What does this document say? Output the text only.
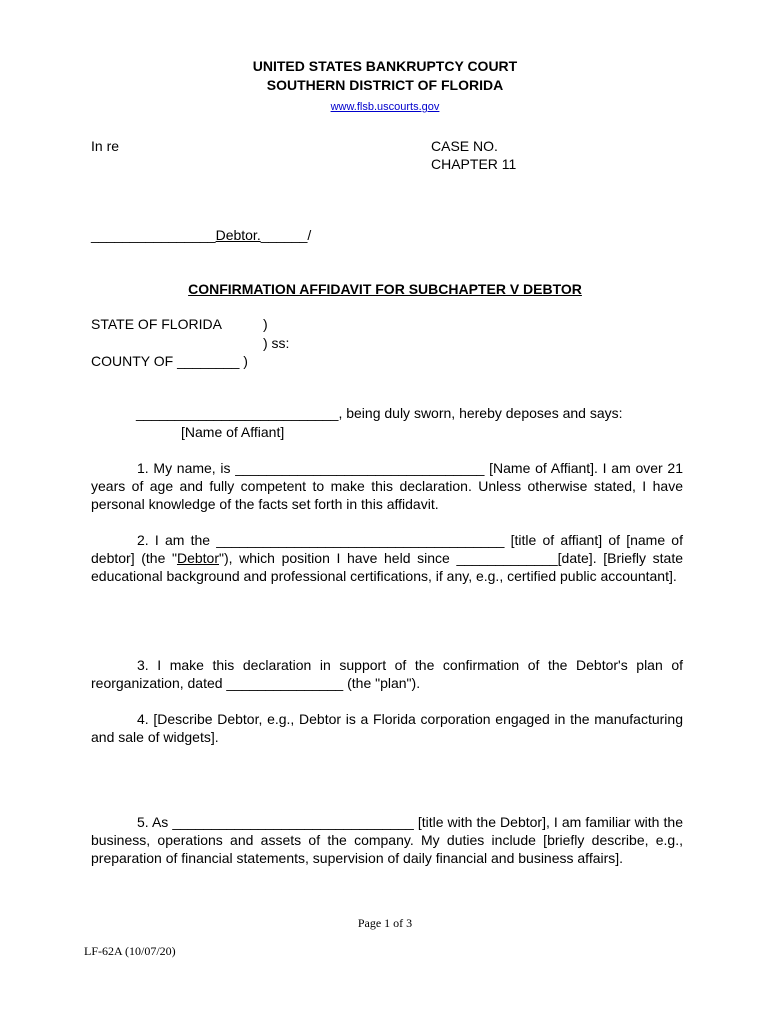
UNITED STATES BANKRUPTCY COURT
SOUTHERN DISTRICT OF FLORIDA
www.flsb.uscourts.gov
In re	CASE NO.
CHAPTER 11
________________Debtor.______/
CONFIRMATION AFFIDAVIT FOR SUBCHAPTER V DEBTOR
STATE OF FLORIDA	)
) ss:
COUNTY OF ________ )
__________________________, being duly sworn, hereby deposes and says:
[Name of Affiant]
1. My name, is ________________________________ [Name of Affiant]. I am over 21 years of age and fully competent to make this declaration. Unless otherwise stated, I have personal knowledge of the facts set forth in this affidavit.
2. I am the _____________________________________ [title of affiant] of [name of debtor] (the "Debtor"), which position I have held since _____________[date]. [Briefly state educational background and professional certifications, if any, e.g., certified public accountant].
3. I make this declaration in support of the confirmation of the Debtor's plan of reorganization, dated _______________ (the "plan").
4. [Describe Debtor, e.g., Debtor is a Florida corporation engaged in the manufacturing and sale of widgets].
5. As _______________________________ [title with the Debtor], I am familiar with the business, operations and assets of the company. My duties include [briefly describe, e.g., preparation of financial statements, supervision of daily financial and business affairs].
Page 1 of 3
LF-62A (10/07/20)
